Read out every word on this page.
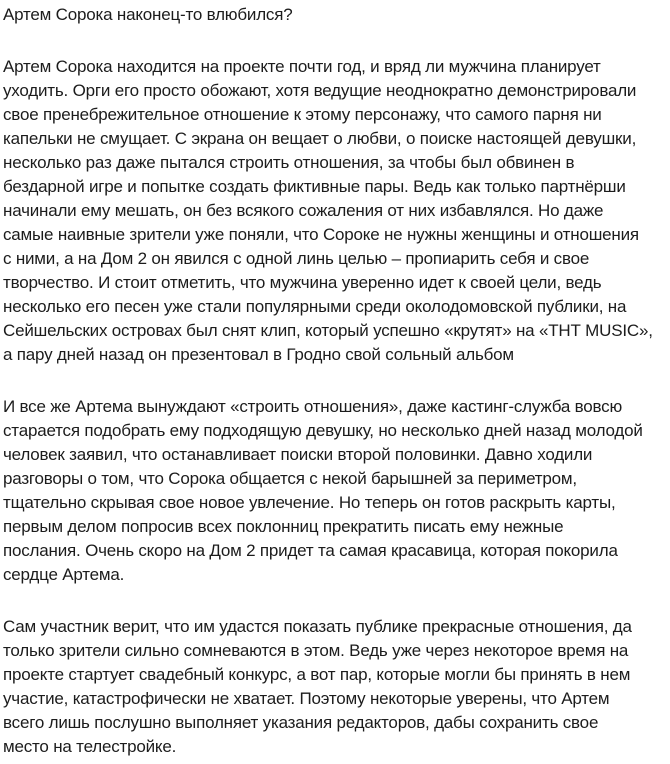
Артем Сорока наконец-то влюбился?
Артем Сорока находится на проекте почти год, и вряд ли мужчина планирует
уходить. Орги его просто обожают, хотя ведущие неоднократно демонстрировали
свое пренебрежительное отношение к этому персонажу, что самого парня ни
капельки не смущает. С экрана он вещает о любви, о поиске настоящей девушки,
несколько раз даже пытался строить отношения, за чтобы был обвинен в
бездарной игре и попытке создать фиктивные пары. Ведь как только партнёрши
начинали ему мешать, он без всякого сожаления от них избавлялся. Но даже
самые наивные зрители уже поняли, что Сороке не нужны женщины и отношения
с ними, а на Дом 2 он явился с одной линь целью – пропиарить себя и свое
творчество. И стоит отметить, что мужчина уверенно идет к своей цели, ведь
несколько его песен уже стали популярными среди околодомовской публики, на
Сейшельских островах был снят клип, который успешно «крутят» на «ТНТ MUSIC»,
а пару дней назад он презентовал в Гродно свой сольный альбом
И все же Артема вынуждают «строить отношения», даже кастинг-служба вовсю
старается подобрать ему подходящую девушку, но несколько дней назад молодой
человек заявил, что останавливает поиски второй половинки. Давно ходили
разговоры о том, что Сорока общается с некой барышней за периметром,
тщательно скрывая свое новое увлечение. Но теперь он готов раскрыть карты,
первым делом попросив всех поклонниц прекратить писать ему нежные
послания. Очень скоро на Дом 2 придет та самая красавица, которая покорила
сердце Артема.
Сам участник верит, что им удастся показать публике прекрасные отношения, да
только зрители сильно сомневаются в этом. Ведь уже через некоторое время на
проекте стартует свадебный конкурс, а вот пар, которые могли бы принять в нем
участие, катастрофически не хватает. Поэтому некоторые уверены, что Артем
всего лишь послушно выполняет указания редакторов, дабы сохранить свое
место на телестройке.
